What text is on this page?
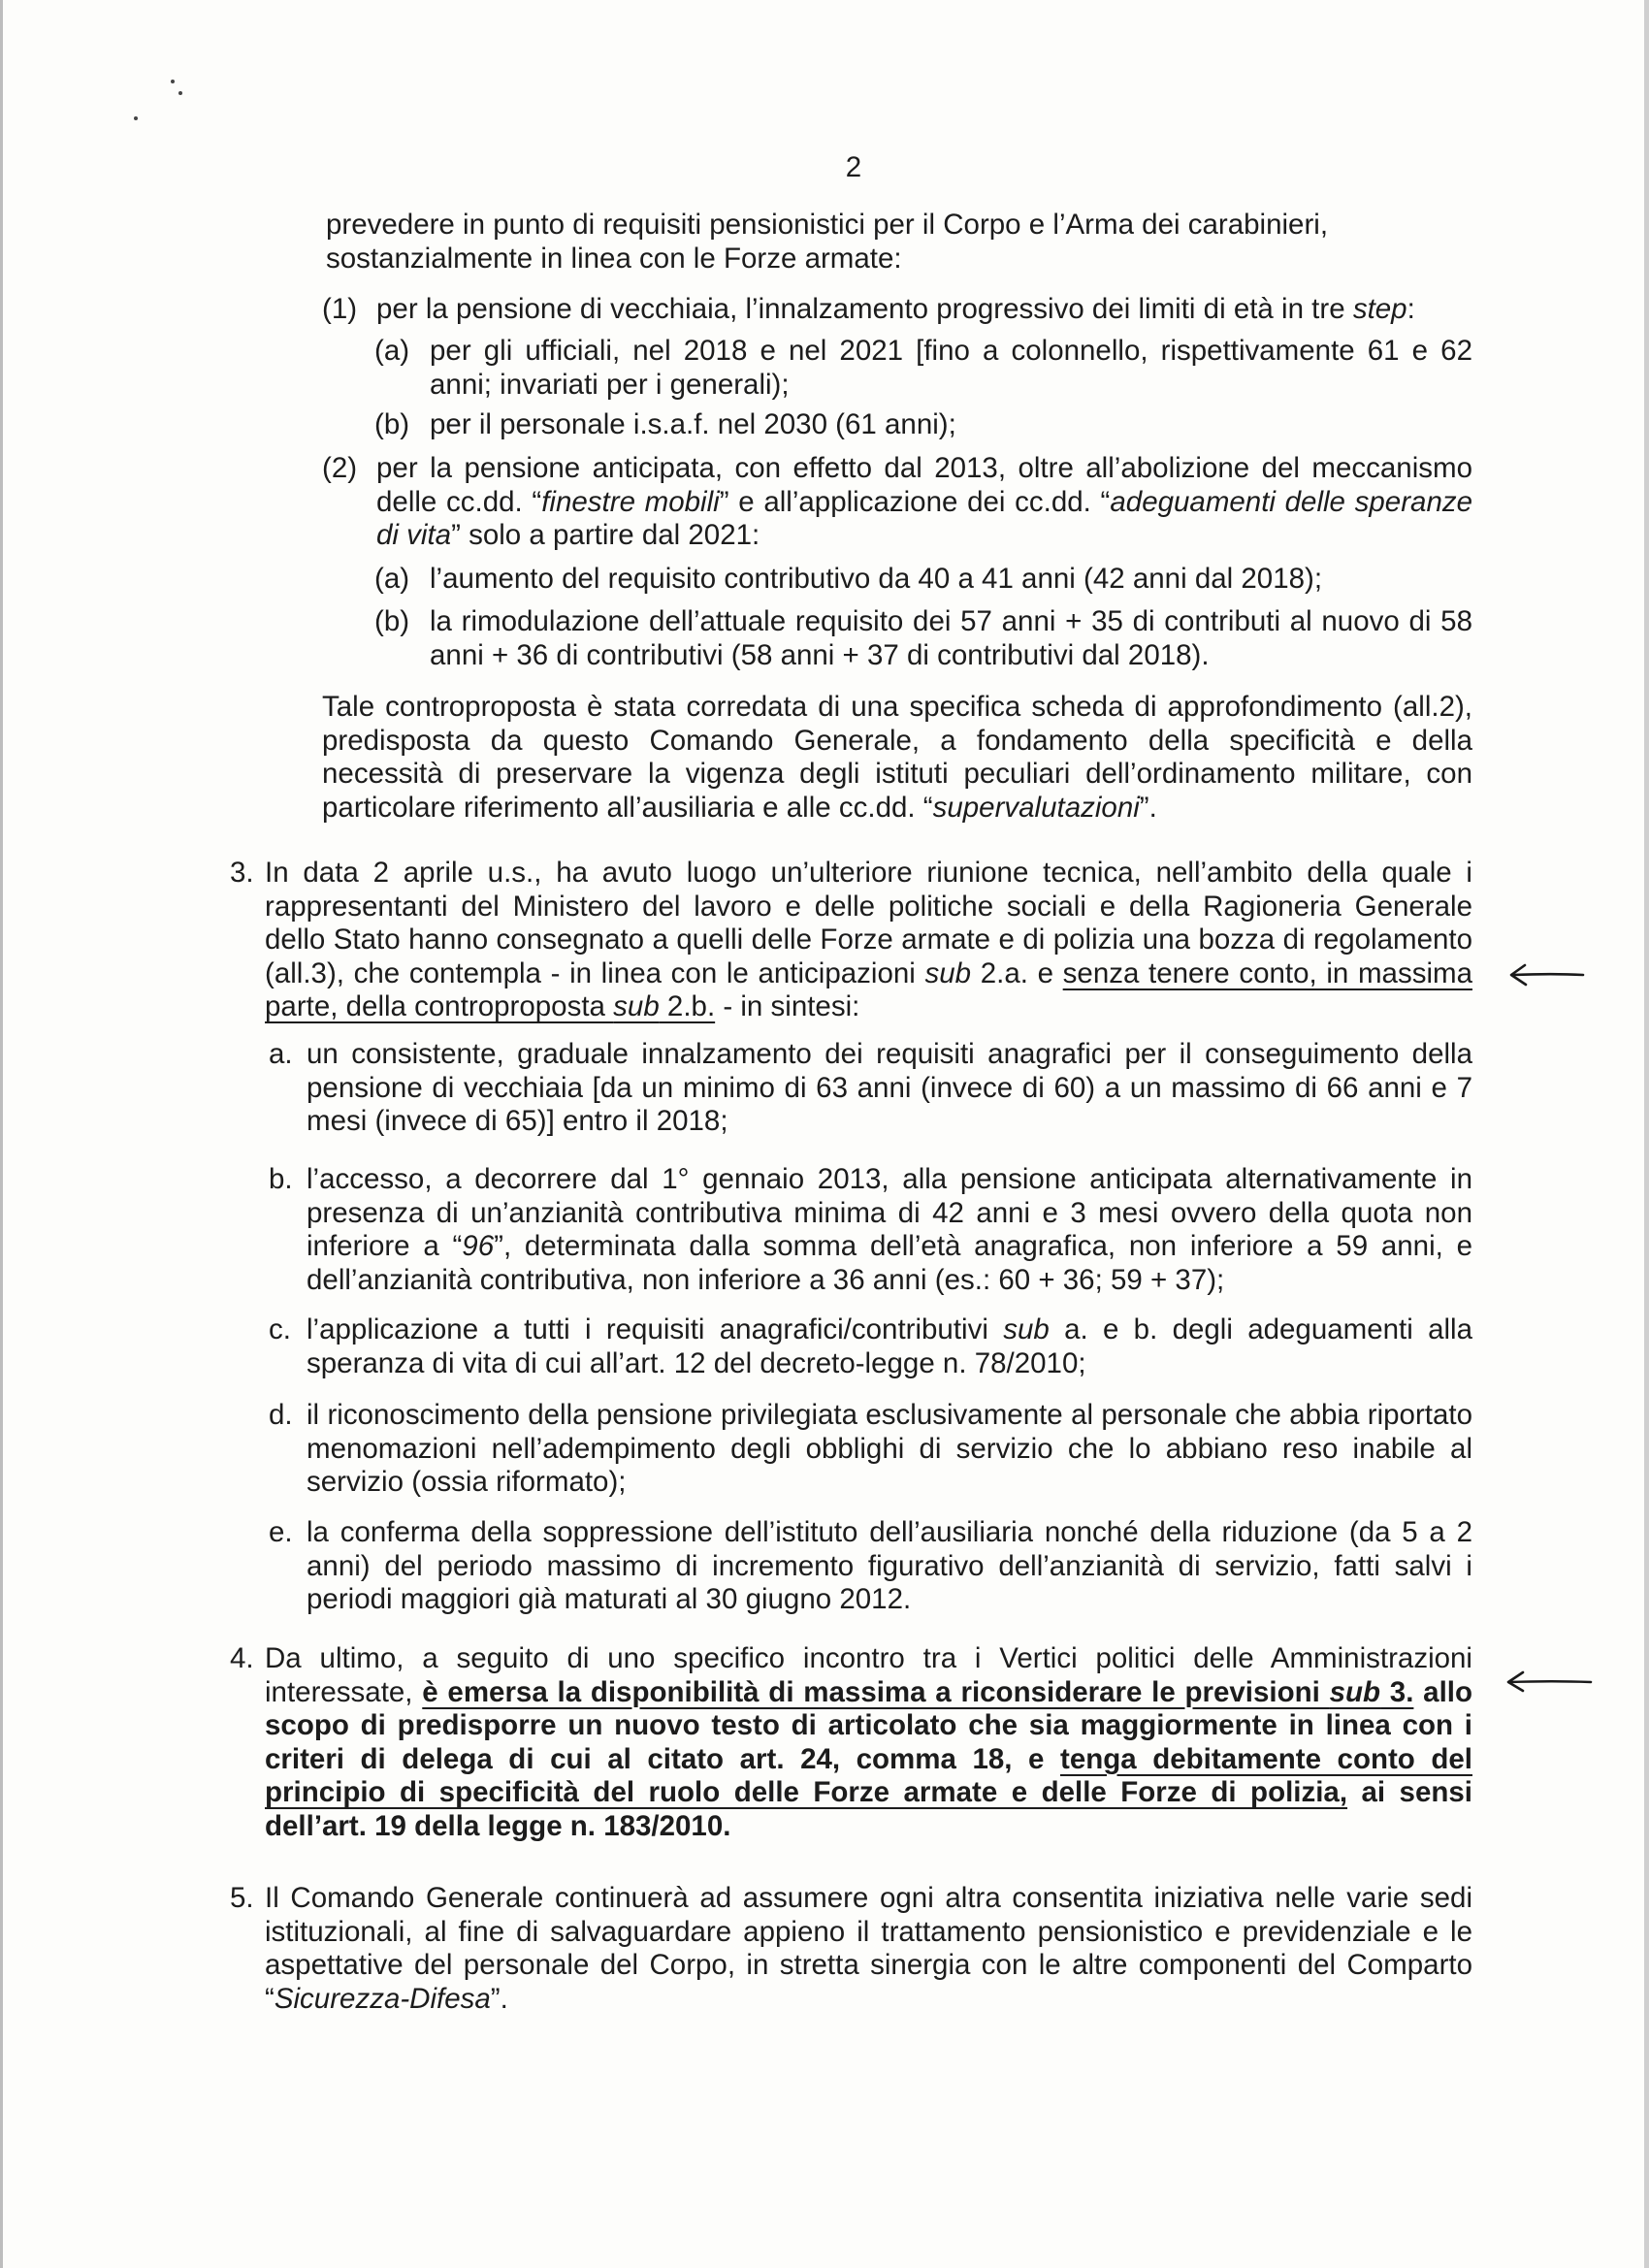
2

prevedere in punto di requisiti pensionistici per il Corpo e l’Arma dei carabinieri,

sostanzialmente in linea con le Forze armate:

(1) per la pensione di vecchiaia, l’innalzamento progressivo dei limiti di età in tre step:

(a) per gli ufficiali, nel 2018 e nel 2021 [fino a colonnello, rispettivamente 61 e 62 anni; invariati per i generali);

(b) per il personale i.s.a.f. nel 2030 (61 anni);

(2) per la pensione anticipata, con effetto dal 2013, oltre all’abolizione del meccanismo delle cc.dd. “finestre mobili” e all’applicazione dei cc.dd. “adeguamenti delle speranze di vita” solo a partire dal 2021:

(a) l’aumento del requisito contributivo da 40 a 41 anni (42 anni dal 2018);

(b) la rimodulazione dell’attuale requisito dei 57 anni + 35 di contributi al nuovo di 58 anni + 36 di contributivi (58 anni + 37 di contributivi dal 2018).

Tale controproposta è stata corredata di una specifica scheda di approfondimento (all.2), predisposta da questo Comando Generale, a fondamento della specificità e della necessità di preservare la vigenza degli istituti peculiari dell’ordinamento militare, con particolare riferimento all’ausiliaria e alle cc.dd. “supervalutazioni”.

3. In data 2 aprile u.s., ha avuto luogo un’ulteriore riunione tecnica, nell’ambito della quale i rappresentanti del Ministero del lavoro e delle politiche sociali e della Ragioneria Generale dello Stato hanno consegnato a quelli delle Forze armate e di polizia una bozza di regolamento (all.3), che contempla - in linea con le anticipazioni sub 2.a. e senza tenere conto, in massima parte, della controproposta sub 2.b. - in sintesi:

a. un consistente, graduale innalzamento dei requisiti anagrafici per il conseguimento della pensione di vecchiaia [da un minimo di 63 anni (invece di 60) a un massimo di 66 anni e 7 mesi (invece di 65)] entro il 2018;

b. l’accesso, a decorrere dal 1° gennaio 2013, alla pensione anticipata alternativamente in presenza di un’anzianità contributiva minima di 42 anni e 3 mesi ovvero della quota non inferiore a “96”, determinata dalla somma dell’età anagrafica, non inferiore a 59 anni, e dell’anzianità contributiva, non inferiore a 36 anni (es.: 60 + 36; 59 + 37);

c. l’applicazione a tutti i requisiti anagrafici/contributivi sub a. e b. degli adeguamenti alla speranza di vita di cui all’art. 12 del decreto-legge n. 78/2010;

d. il riconoscimento della pensione privilegiata esclusivamente al personale che abbia riportato menomazioni nell’adempimento degli obblighi di servizio che lo abbiano reso inabile al servizio (ossia riformato);

e. la conferma della soppressione dell’istituto dell’ausiliaria nonché della riduzione (da 5 a 2 anni) del periodo massimo di incremento figurativo dell’anzianità di servizio, fatti salvi i periodi maggiori già maturati al 30 giugno 2012.

4. Da ultimo, a seguito di uno specifico incontro tra i Vertici politici delle Amministrazioni interessate, è emersa la disponibilità di massima a riconsiderare le previsioni sub 3. allo scopo di predisporre un nuovo testo di articolato che sia maggiormente in linea con i criteri di delega di cui al citato art. 24, comma 18, e tenga debitamente conto del principio di specificità del ruolo delle Forze armate e delle Forze di polizia, ai sensi dell’art. 19 della legge n. 183/2010.

5. Il Comando Generale continuerà ad assumere ogni altra consentita iniziativa nelle varie sedi istituzionali, al fine di salvaguardare appieno il trattamento pensionistico e previdenziale e le aspettative del personale del Corpo, in stretta sinergia con le altre componenti del Comparto “Sicurezza-Difesa”.
